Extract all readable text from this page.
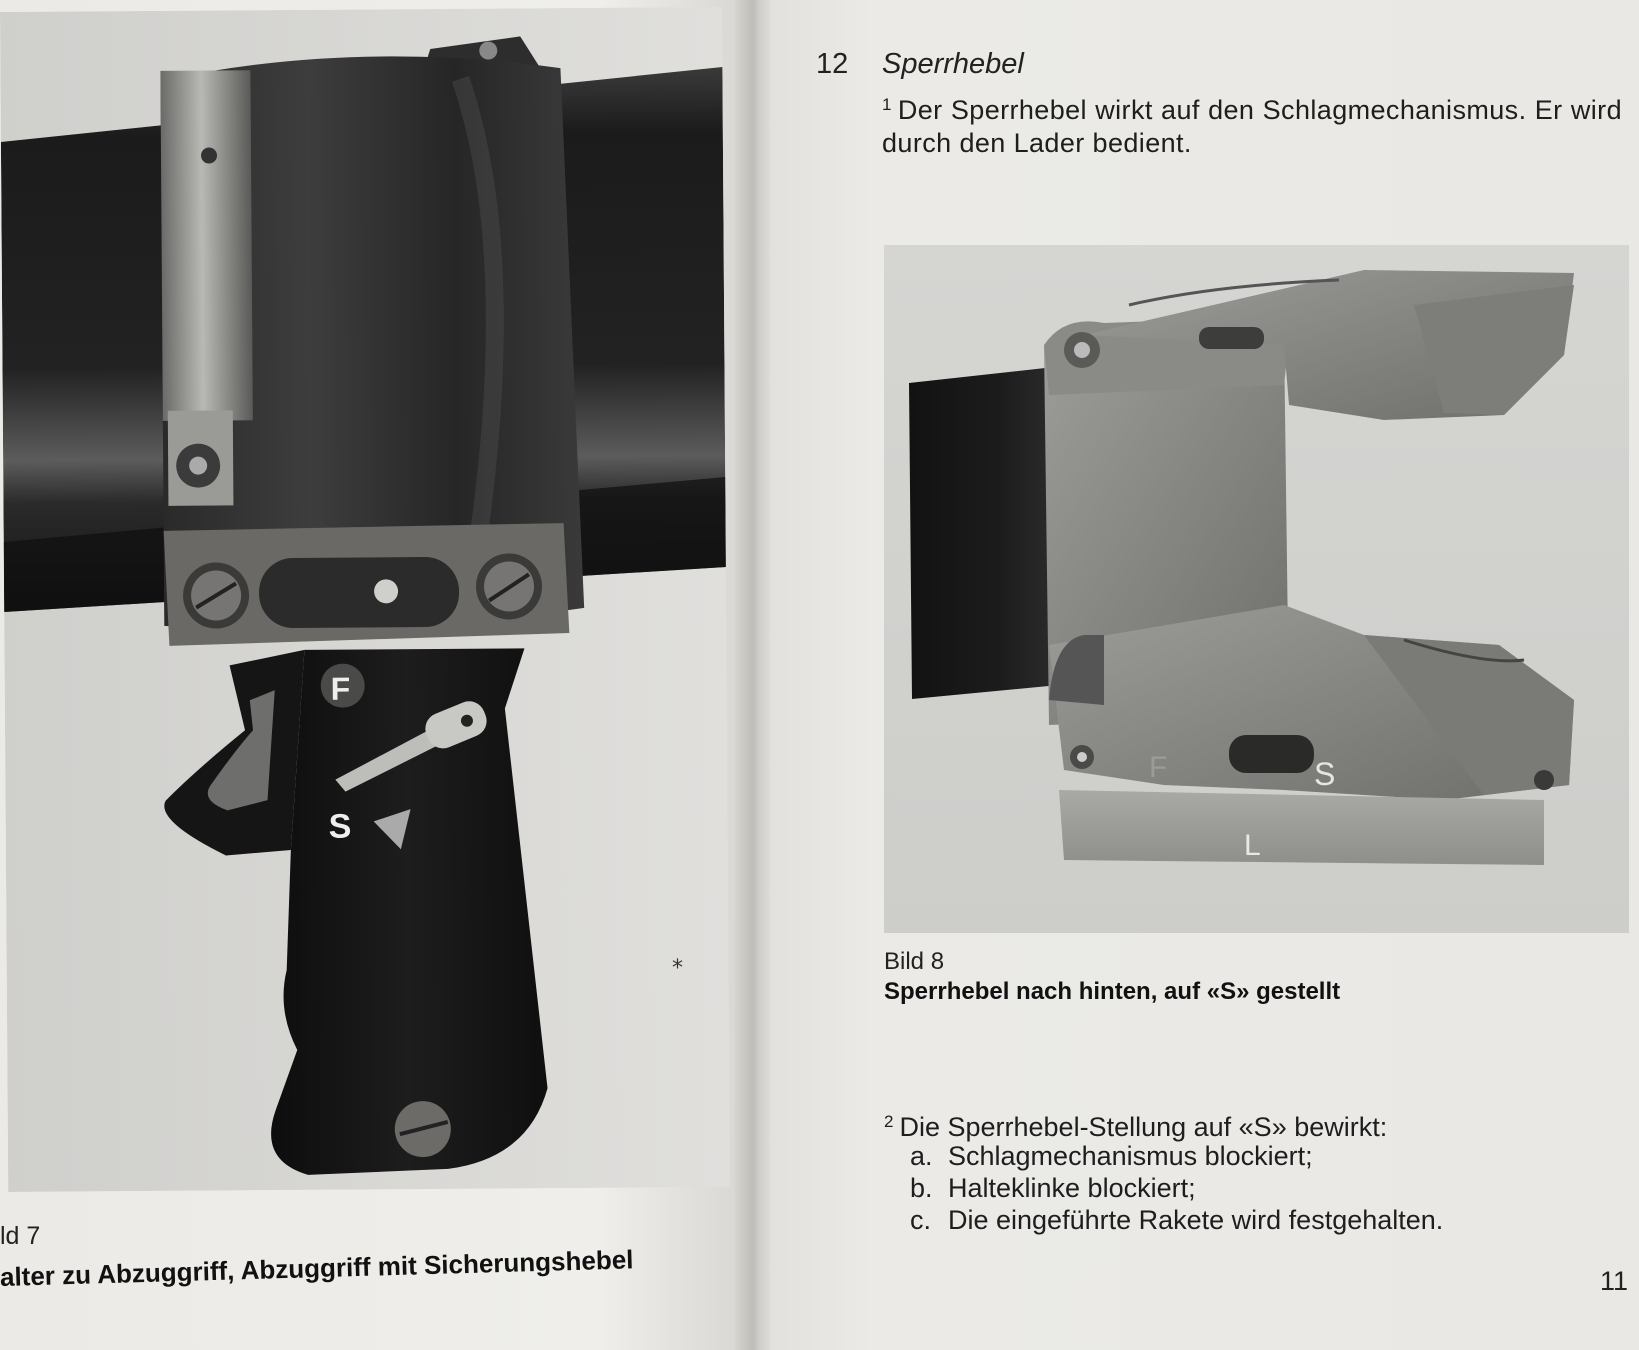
F
S
⁎
ld 7
alter zu Abzuggriff, Abzuggriff mit Sicherungshebel
12 Sperrhebel
$^1$ Der Sperrhebel wirkt auf den Schlagmechanismus. Er wird durch den Lader bedient.
F	S
L
Bild 8
Sperrhebel nach hinten, auf «S» gestellt
$^2$ Die Sperrhebel-Stellung auf «S» bewirkt:
a. Schlagmechanismus blockiert;
b. Halteklinke blockiert;
c. Die eingeführte Rakete wird festgehalten.
11
